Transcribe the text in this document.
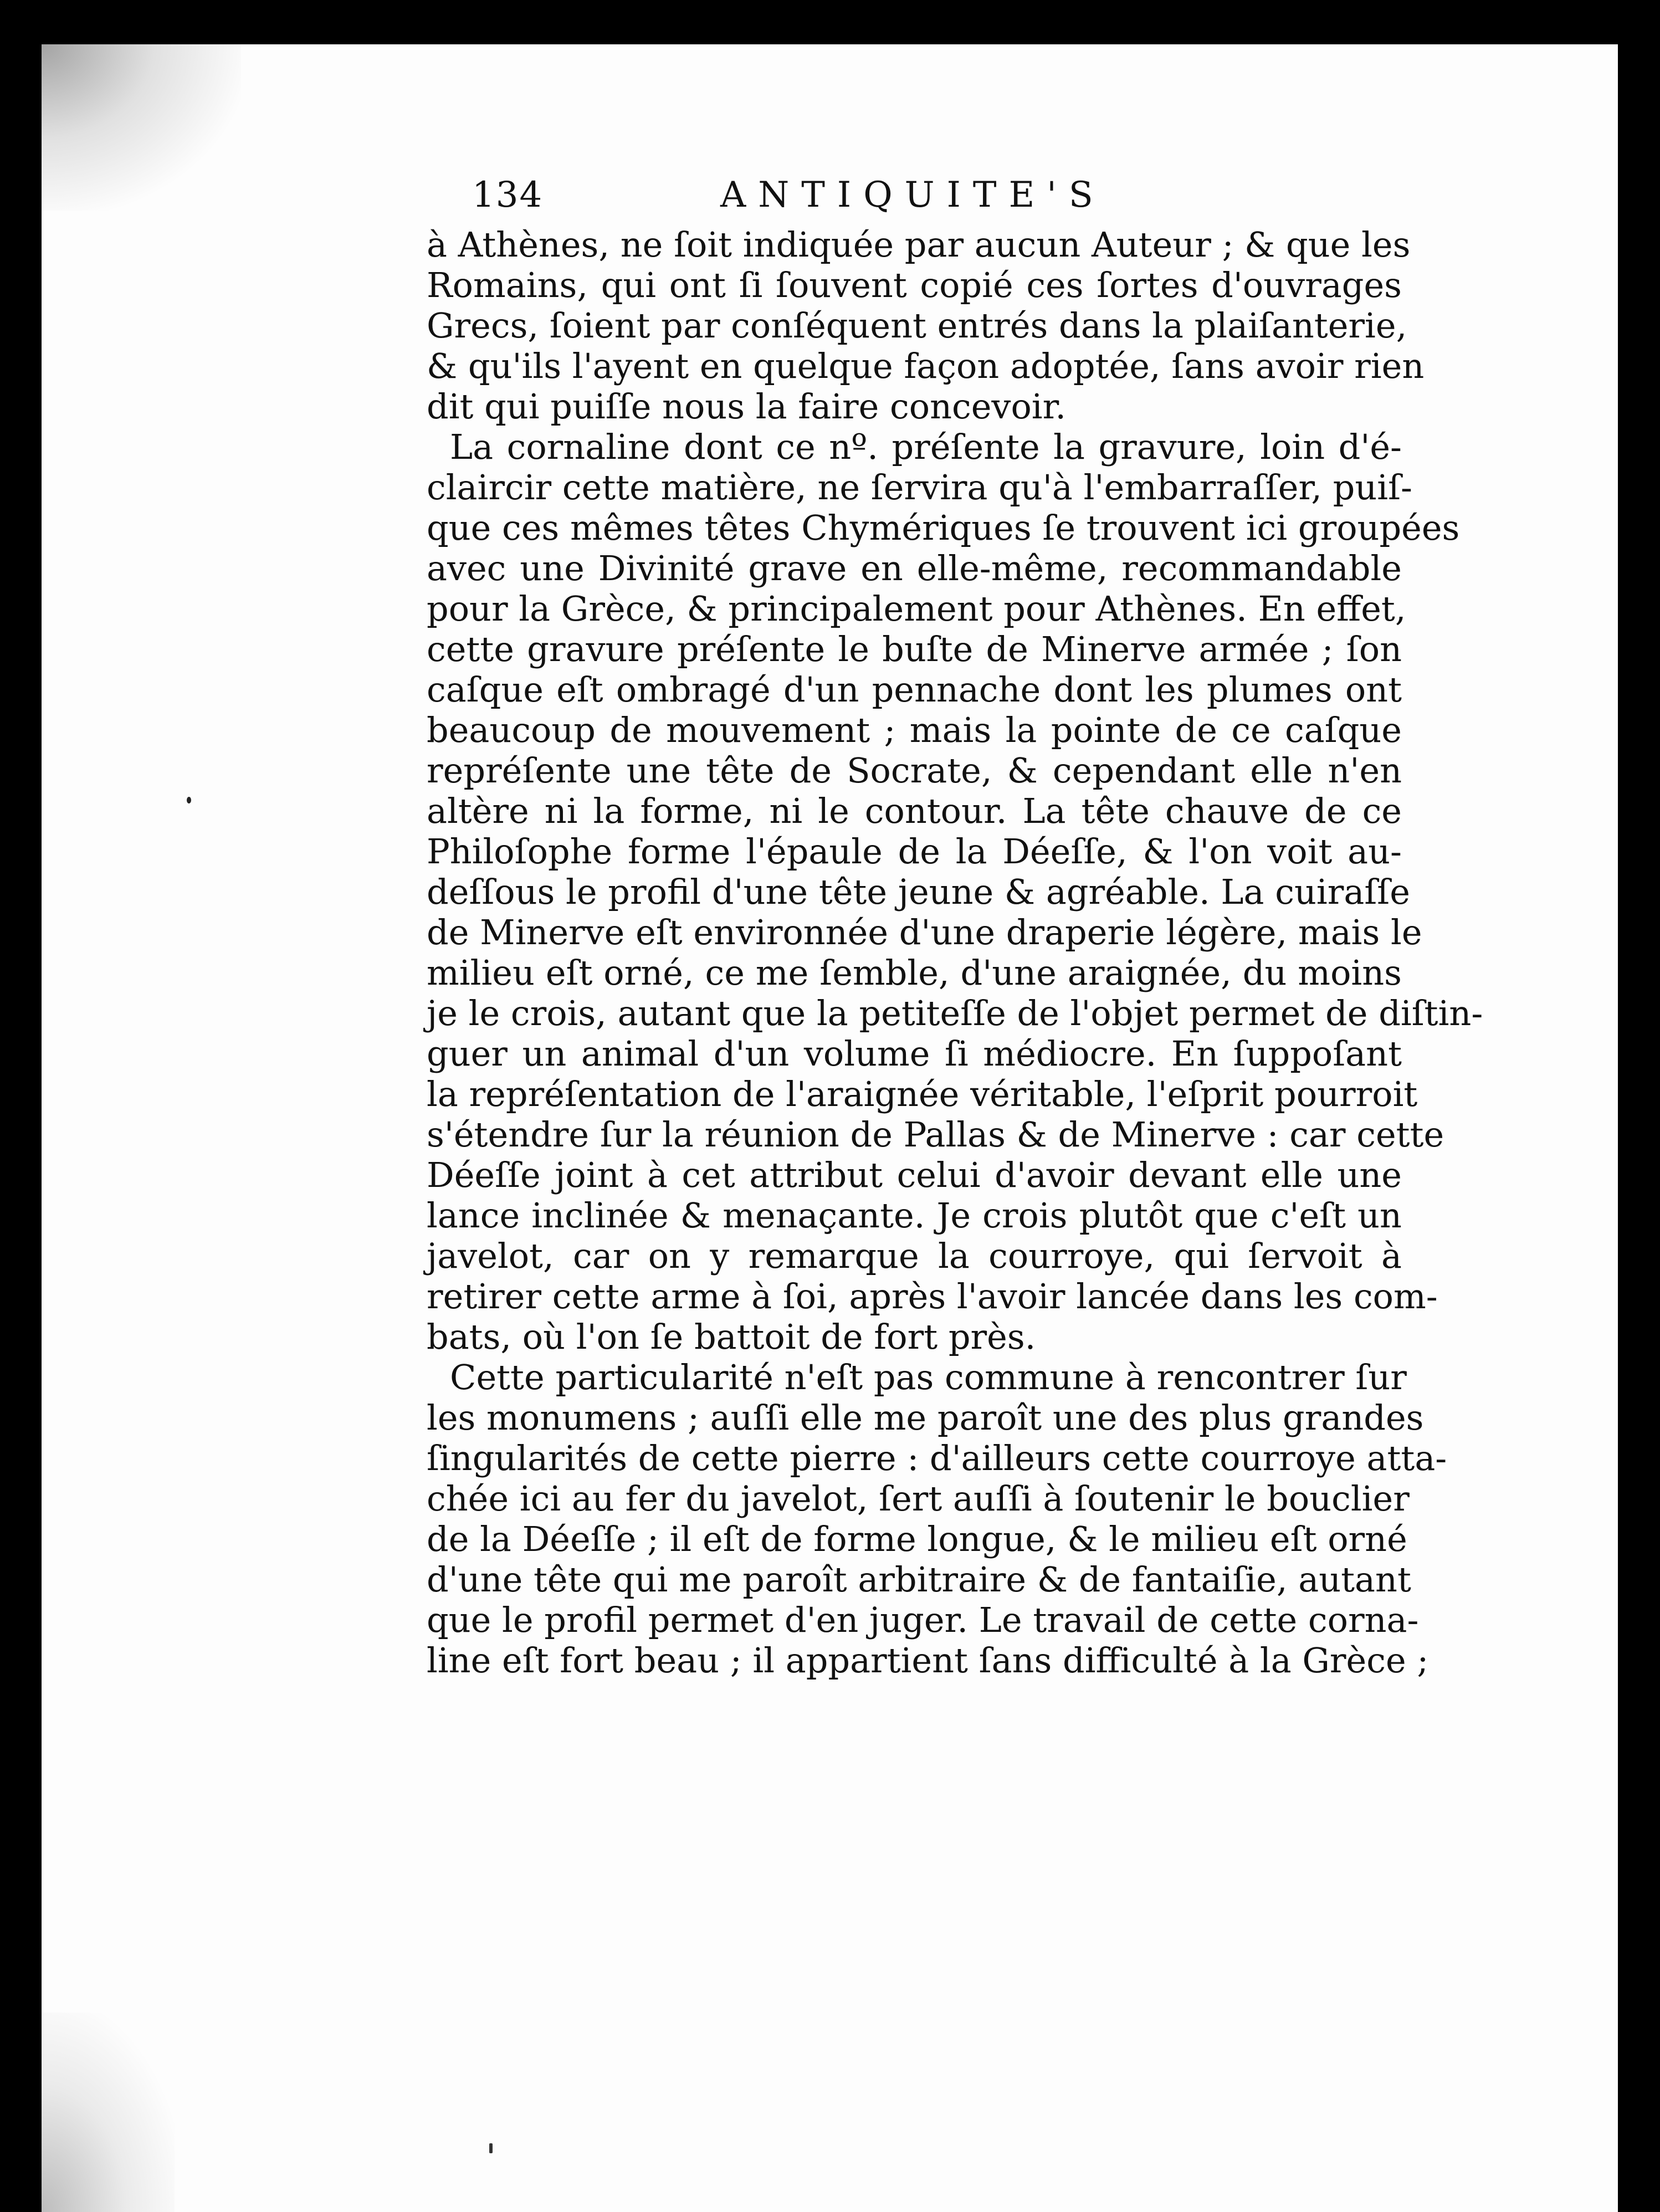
134	ANTIQUITE'S
à Athènes, ne ſoit indiquée par aucun Auteur ; & que les
Romains, qui ont ſi ſouvent copié ces ſortes d'ouvrages
Grecs, ſoient par conſéquent entrés dans la plaiſanterie,
& qu'ils l'ayent en quelque façon adoptée, ſans avoir rien
dit qui puiſſe nous la faire concevoir.
La cornaline dont ce nº. préſente la gravure, loin d'é-
claircir cette matière, ne ſervira qu'à l'embarraſſer, puiſ-
que ces mêmes têtes Chymériques ſe trouvent ici groupées
avec une Divinité grave en elle-même, recommandable
pour la Grèce, & principalement pour Athènes. En effet,
cette gravure préſente le buſte de Minerve armée ; ſon
caſque eſt ombragé d'un pennache dont les plumes ont
beaucoup de mouvement ; mais la pointe de ce caſque
repréſente une tête de Socrate, & cependant elle n'en
altère ni la forme, ni le contour. La tête chauve de ce
Philoſophe forme l'épaule de la Déeſſe, & l'on voit au-
deſſous le profil d'une tête jeune & agréable. La cuiraſſe
de Minerve eſt environnée d'une draperie légère, mais le
milieu eſt orné, ce me ſemble, d'une araignée, du moins
je le crois, autant que la petiteſſe de l'objet permet de diſtin-
guer un animal d'un volume ſi médiocre. En ſuppoſant
la repréſentation de l'araignée véritable, l'eſprit pourroit
s'étendre ſur la réunion de Pallas & de Minerve : car cette
Déeſſe joint à cet attribut celui d'avoir devant elle une
lance inclinée & menaçante. Je crois plutôt que c'eſt un
javelot, car on y remarque la courroye, qui ſervoit à
retirer cette arme à ſoi, après l'avoir lancée dans les com-
bats, où l'on ſe battoit de fort près.
Cette particularité n'eſt pas commune à rencontrer ſur
les monumens ; auſſi elle me paroît une des plus grandes
ſingularités de cette pierre : d'ailleurs cette courroye atta-
chée ici au fer du javelot, ſert auſſi à ſoutenir le bouclier
de la Déeſſe ; il eſt de forme longue, & le milieu eſt orné
d'une tête qui me paroît arbitraire & de fantaiſie, autant
que le profil permet d'en juger. Le travail de cette corna-
line eſt fort beau ; il appartient ſans difficulté à la Grèce ;
